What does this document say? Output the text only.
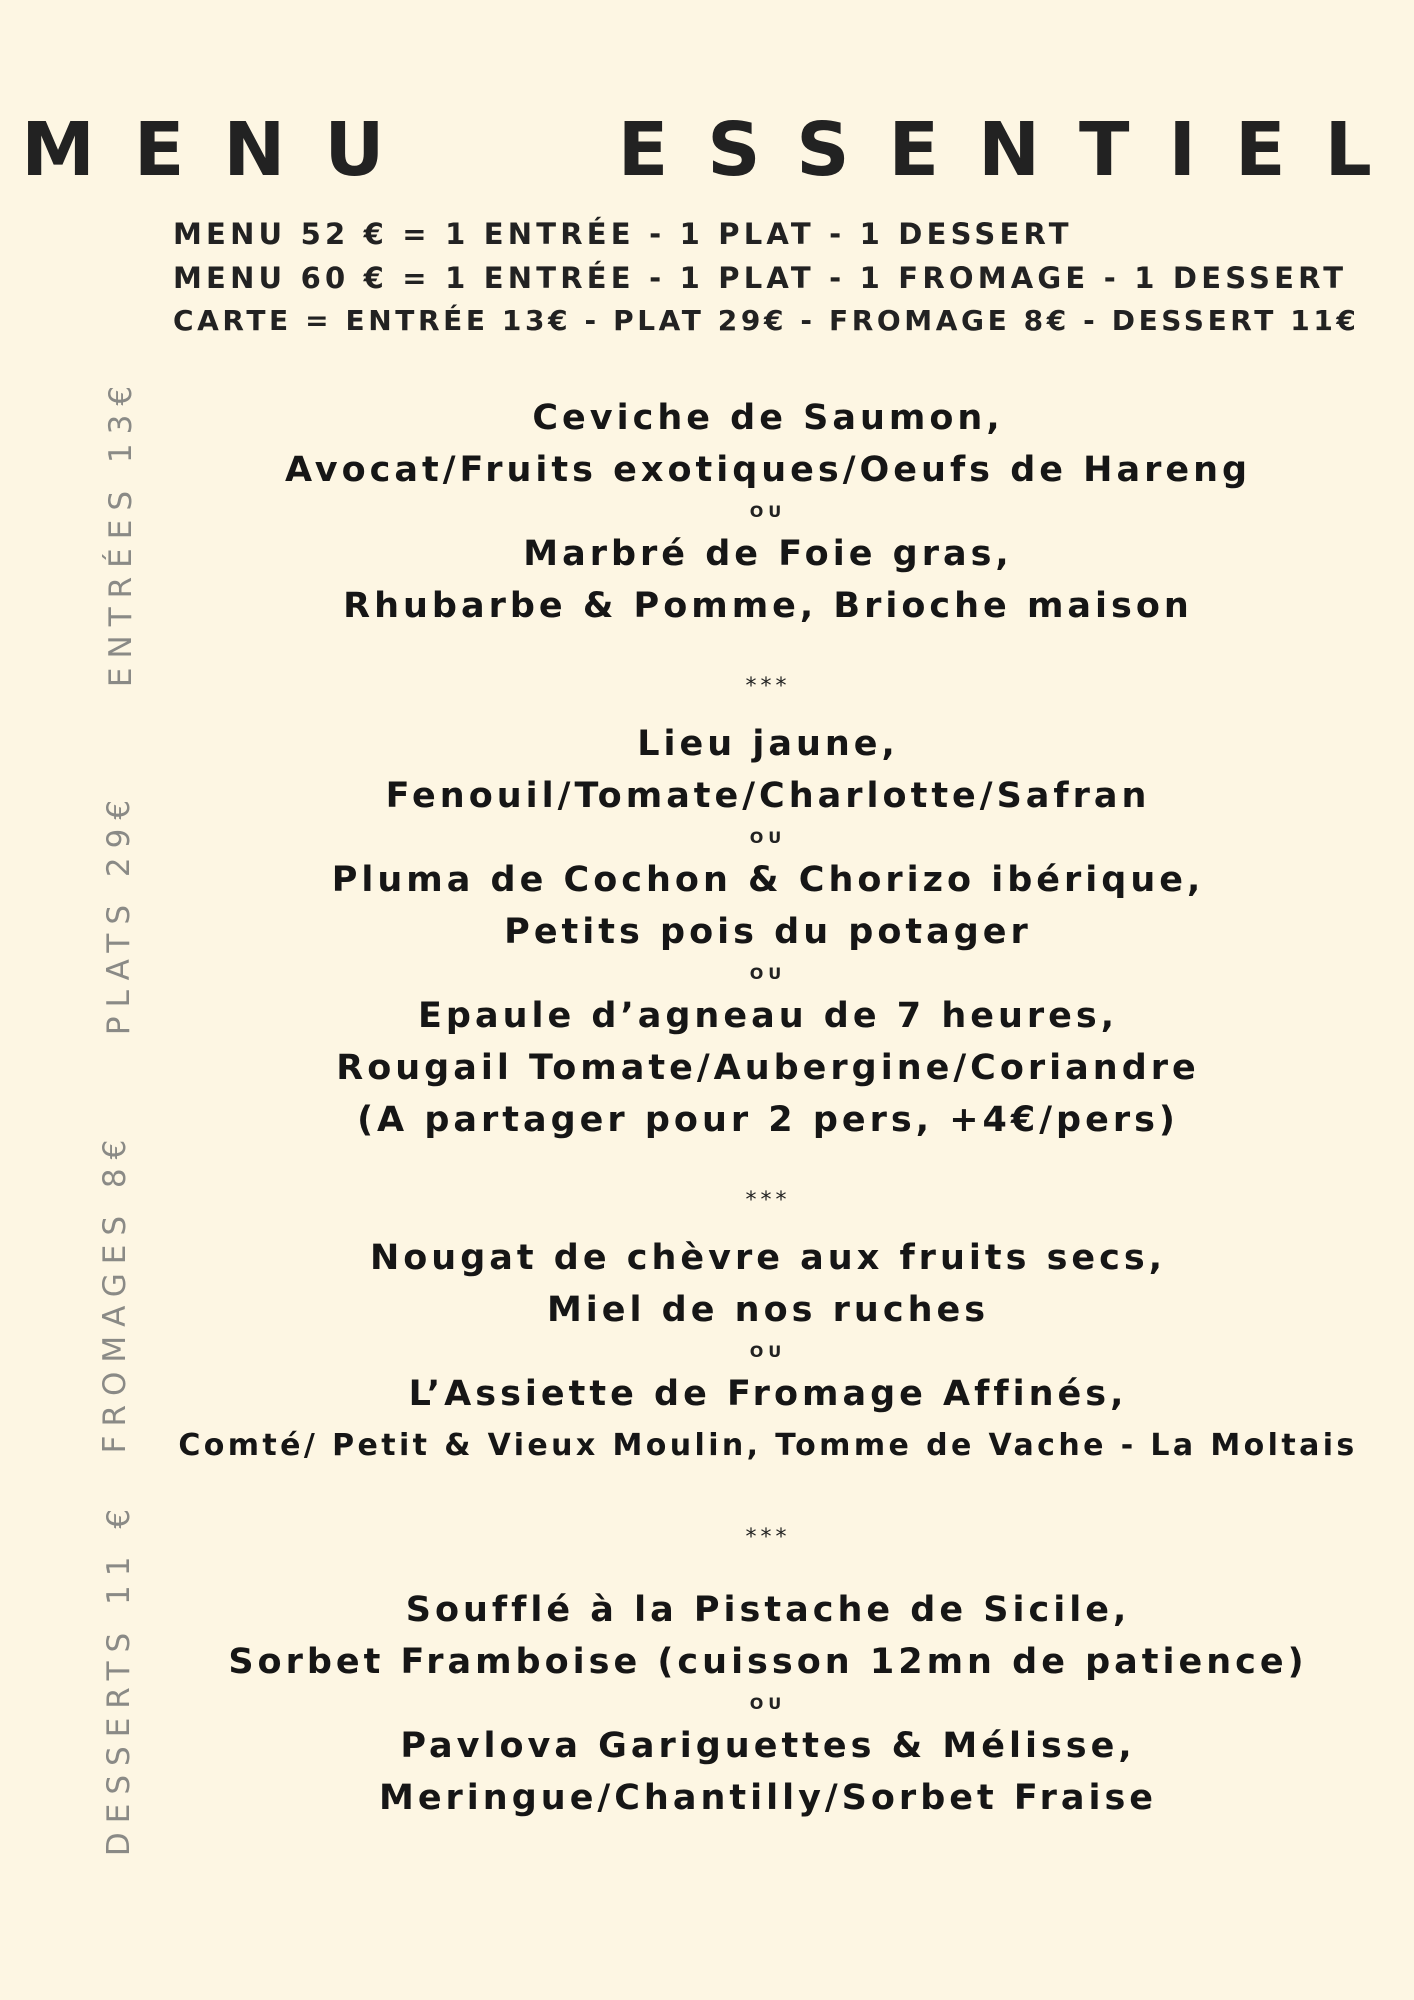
MENU   ESSENTIEL
MENU 52 € = 1 ENTRÉE - 1 PLAT - 1 DESSERT
MENU 60 € = 1 ENTRÉE - 1 PLAT - 1 FROMAGE - 1 DESSERT
CARTE = ENTRÉE 13€ - PLAT 29€ - FROMAGE 8€ - DESSERT 11€
ENTRÉES 13€
PLATS 29€
FROMAGES 8€
DESSERTS 11 €
Ceviche de Saumon,
Avocat/Fruits exotiques/Oeufs de Hareng
OU
Marbré de Foie gras,
Rhubarbe & Pomme, Brioche maison
***
Lieu jaune,
Fenouil/Tomate/Charlotte/Safran
OU
Pluma de Cochon & Chorizo ibérique,
Petits pois du potager
OU
Epaule d’agneau de 7 heures,
Rougail Tomate/Aubergine/Coriandre
(A partager pour 2 pers, +4€/pers)
***
Nougat de chèvre aux fruits secs,
Miel de nos ruches
OU
L’Assiette de Fromage Affinés,
Comté/ Petit & Vieux Moulin, Tomme de Vache - La Moltais
***
Soufflé à la Pistache de Sicile,
Sorbet Framboise (cuisson 12mn de patience)
OU
Pavlova Gariguettes & Mélisse,
Meringue/Chantilly/Sorbet Fraise
